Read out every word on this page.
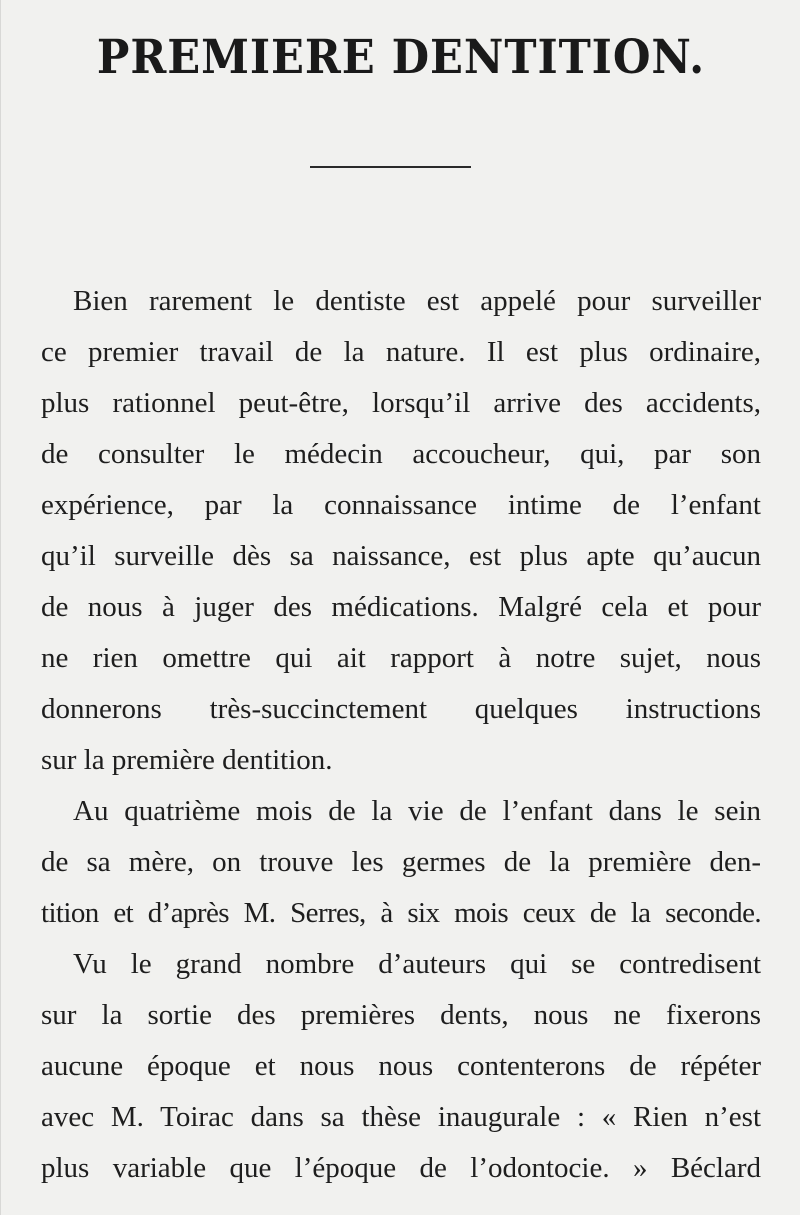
PREMIERE DENTITION.

Bien rarement le dentiste est appelé pour surveiller
ce premier travail de la nature. Il est plus ordinaire,
plus rationnel peut-être, lorsqu’il arrive des accidents,
de consulter le médecin accoucheur, qui, par son
expérience, par la connaissance intime de l’enfant
qu’il surveille dès sa naissance, est plus apte qu’aucun
de nous à juger des médications. Malgré cela et pour
ne rien omettre qui ait rapport à notre sujet, nous
donnerons très-succinctement quelques instructions
sur la première dentition.

Au quatrième mois de la vie de l’enfant dans le sein
de sa mère, on trouve les germes de la première den-
tition et d’après M. Serres, à six mois ceux de la seconde.

Vu le grand nombre d’auteurs qui se contredisent
sur la sortie des premières dents, nous ne fixerons
aucune époque et nous nous contenterons de répéter
avec M. Toirac dans sa thèse inaugurale : « Rien n’est
plus variable que l’époque de l’odontocie. » Béclard
